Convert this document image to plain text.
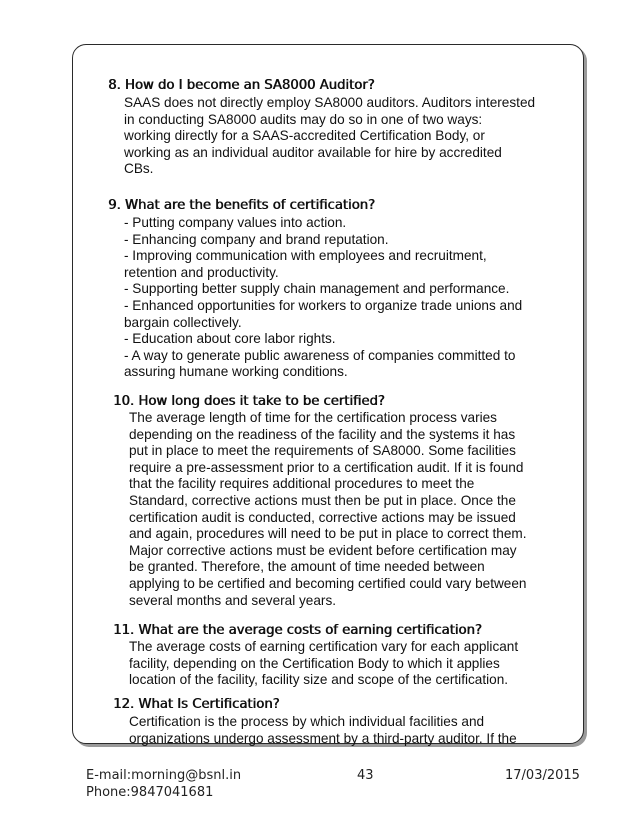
8. How do I become an SA8000 Auditor?
SAAS does not directly employ SA8000 auditors. Auditors interested
in conducting SA8000 audits may do so in one of two ways:
working directly for a SAAS-accredited Certification Body, or
working as an individual auditor available for hire by accredited
CBs.
9. What are the benefits of certification?
- Putting company values into action.
- Enhancing company and brand reputation.
- Improving communication with employees and recruitment,
retention and productivity.
- Supporting better supply chain management and performance.
- Enhanced opportunities for workers to organize trade unions and
bargain collectively.
- Education about core labor rights.
- A way to generate public awareness of companies committed to
assuring humane working conditions.
10. How long does it take to be certified?
The average length of time for the certification process varies
depending on the readiness of the facility and the systems it has
put in place to meet the requirements of SA8000. Some facilities
require a pre-assessment prior to a certification audit. If it is found
that the facility requires additional procedures to meet the
Standard, corrective actions must then be put in place. Once the
certification audit is conducted, corrective actions may be issued
and again, procedures will need to be put in place to correct them.
Major corrective actions must be evident before certification may
be granted. Therefore, the amount of time needed between
applying to be certified and becoming certified could vary between
several months and several years.
11. What are the average costs of earning certification?
The average costs of earning certification vary for each applicant
facility, depending on the Certification Body to which it applies
location of the facility, facility size and scope of the certification.
12. What Is Certification?
Certification is the process by which individual facilities and
organizations undergo assessment by a third-party auditor. If the
E-mail:morning@bsnl.in	43	17/03/2015
Phone:9847041681
